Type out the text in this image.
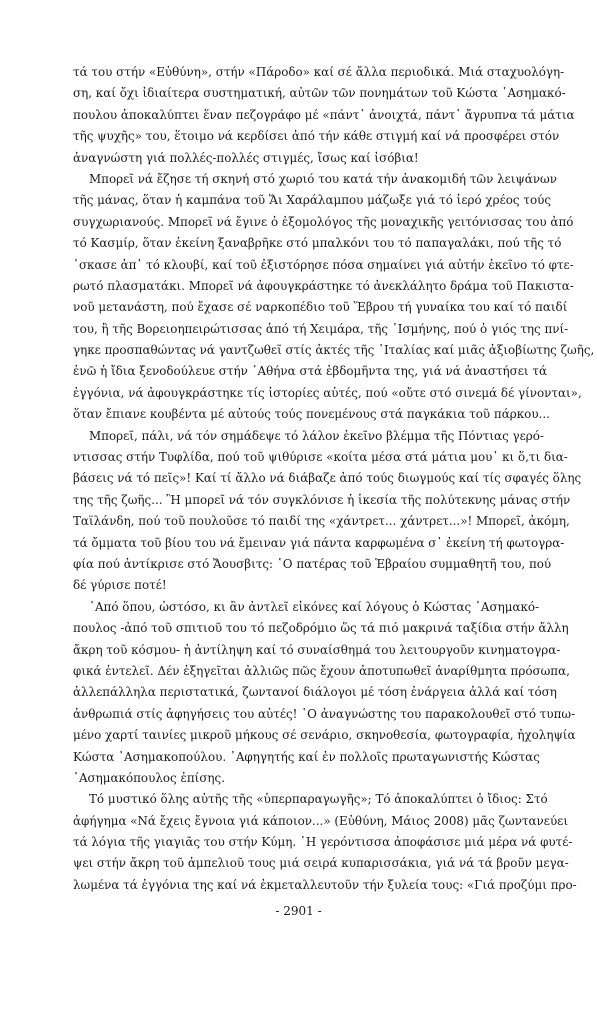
τά του στήν «Εὐθύνη», στήν «Πάροδο» καί σέ ἄλλα περιοδικά. Μιά σταχυολόγη-
ση, καί ὄχι ἰδιαίτερα συστηματική, αὐτῶν τῶν πονημάτων τοῦ Κώστα ᾽Ασημακό-
πουλου ἀποκαλύπτει ἕναν πεζογράφο μέ «πάντ᾽ ἀνοιχτά, πάντ᾽ ἄγρυπνα τά μάτια
τῆς ψυχῆς» του, ἕτοιμο νά κερδίσει ἀπό τήν κάθε στιγμή καί νά προσφέρει στόν
ἀναγνώστη γιά πολλές-πολλές στιγμές, ἴσως καί ἰσόβια!
Μπορεῖ νά ἔζησε τή σκηνή στό χωριό του κατά τήν ἀνακομιδή τῶν λειψάνων
τῆς μάνας, ὅταν ἡ καμπάνα τοῦ Ἅι Χαράλαμπου μάζωξε γιά τό ἱερό χρέος τούς
συγχωριανούς. Μπορεῖ νά ἔγινε ὁ ἐξομολόγος τῆς μοναχικῆς γειτόνισσας του ἀπό
τό Κασμίρ, ὅταν ἐκείνη ξαναβρῆκε στό μπαλκόνι του τό παπαγαλάκι, πού τῆς τό
᾽σκασε ἀπ᾽ τό κλουβί, καί τοῦ ἐξιστόρησε πόσα σημαίνει γιά αὐτήν ἐκεῖνο τό φτε-
ρωτό πλασματάκι. Μπορεῖ νά ἀφουγκράστηκε τό ἀνεκλάλητο δράμα τοῦ Πακιστα-
νοῦ μετανάστη, πού ἔχασε σέ ναρκοπέδιο τοῦ Ἕβρου τή γυναίκα του καί τό παιδί
του, ἢ τῆς Βορειοηπειρώτισσας ἀπό τή Χειμάρα, τῆς ᾽Ισμήνης, πού ὁ γιός της πνί-
γηκε προσπαθώντας νά γαντζωθεῖ στίς ἀκτές τῆς ᾽Ιταλίας καί μιᾶς ἀξιοβίωτης ζωῆς,
ἐνῶ ἡ ἴδια ξενοδούλευε στήν ᾽Αθήνα στά ἑβδομῆντα της, γιά νά ἀναστήσει τά
ἐγγόνια, νά ἀφουγκράστηκε τίς ἱστορίες αὐτές, πού «οὔτε στό σινεμά δέ γίνονται»,
ὅταν ἔπιανε κουβέντα μέ αὐτούς τούς πονεμένους στά παγκάκια τοῦ πάρκου...
Μπορεῖ, πάλι, νά τόν σημάδεψε τό λάλον ἐκεῖνο βλέμμα τῆς Πόντιας γερό-
ντισσας στήν Τυφλίδα, πού τοῦ ψιθύρισε «κοίτα μέσα στά μάτια μου᾽ κι ὅ,τι δια-
βάσεις νά τό πεῖς»! Καί τί ἄλλο νά διάβαζε ἀπό τούς διωγμούς καί τίς σφαγές ὅλης
της τῆς ζωῆς... Ἢ μπορεῖ νά τόν συγκλόνισε ἡ ἱκεσία τῆς πολύτεκνης μάνας στήν
Ταϊλάνδη, πού τοῦ πουλοῦσε τό παιδί της «χάντρετ... χάντρετ...»! Μπορεῖ, ἀκόμη,
τά ὄμματα τοῦ βίου του νά ἔμειναν γιά πάντα καρφωμένα σ᾽ ἐκείνη τή φωτογρα-
φία πού ἀντίκρισε στό Ἄουσβιτς: ῾Ο πατέρας τοῦ Ἑβραίου συμμαθητῆ του, πού
δέ γύρισε ποτέ!
᾽Από ὅπου, ὡστόσο, κι ἂν ἀντλεῖ εἰκόνες καί λόγους ὁ Κώστας ᾽Ασημακό-
πουλος -ἀπό τοῦ σπιτιοῦ του τό πεζοδρόμιο ὥς τά πιό μακρινά ταξίδια στήν ἄλλη
ἄκρη τοῦ κόσμου- ἡ ἀντίληψη καί τό συναίσθημά του λειτουργοῦν κινηματογρα-
φικά ἐντελεῖ. Δέν ἐξηγεῖται ἀλλιῶς πῶς ἔχουν ἀποτυπωθεῖ ἀναρίθμητα πρόσωπα,
ἀλλεπάλληλα περιστατικά, ζωντανοί διάλογοι μέ τόση ἐνάργεια ἀλλά καί τόση
ἀνθρωπιά στίς ἀφηγήσεις του αὐτές! ῾Ο ἀναγνώστης του παρακολουθεῖ στό τυπω-
μένο χαρτί ταινίες μικροῦ μήκους σέ σενάριο, σκηνοθεσία, φωτογραφία, ἠχοληψία
Κώστα ᾽Ασημακοπούλου. ᾽Αφηγητής καί ἐν πολλοῖς πρωταγωνιστής Κώστας
᾽Ασημακόπουλος ἐπίσης.
Τό μυστικό ὅλης αὐτῆς τῆς «ὑπερπαραγωγῆς»; Τό ἀποκαλύπτει ὁ ἴδιος: Στό
ἀφήγημα «Νά ἔχεις ἔγνοια γιά κάποιον...» (Εὐθύνη, Μάιος 2008) μᾶς ζωντανεύει
τά λόγια τῆς γιαγιᾶς του στήν Κύμη. ῾Η γερόντισσα ἀποφάσισε μιά μέρα νά φυτέ-
ψει στήν ἄκρη τοῦ ἀμπελιοῦ τους μιά σειρά κυπαρισσάκια, γιά νά τά βροῦν μεγα-
λωμένα τά ἐγγόνια της καί νά ἐκμεταλλευτοῦν τήν ξυλεία τους: «Γιά προζύμι προ-
- 2901 -
